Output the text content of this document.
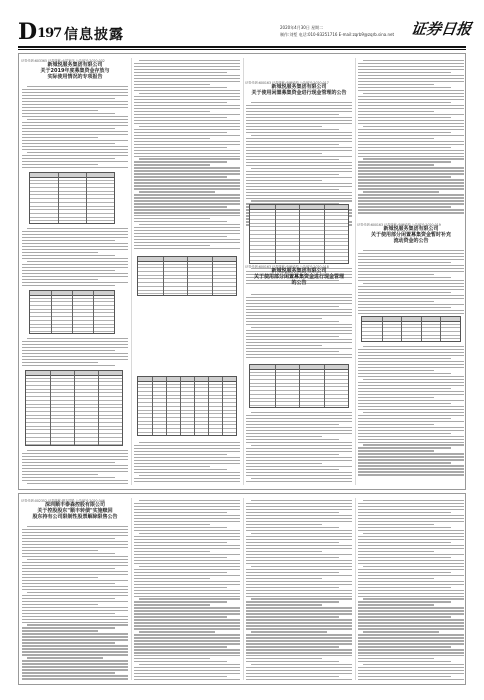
D197 信息披露	2020年4月30日 星期二
制作:刘堑 电话:010-83251716 E-mail:zqrb9@zqrb.sina.net 证券日报
证券代码:603365 证券简称:水星家纺 公告编号:2020-032
新城悦服务集团有限公司
关于2019年度募集资金存放与
实际使用情况的专项报告
证券代码:600163 证券简称:中闽能源 公告编号:2020-017
新城悦服务集团有限公司
关于使用闲置募集资金进行现金管理的公告
证券代码:600163 证券简称:中闽能源 公告编号:2020-018
新城悦服务集团有限公司
关于使用部分闲置募集资金进行现金管理
的公告
证券代码:600163 证券简称:中闽能源 公告编号:2020-019
新城悦服务集团有限公司
关于使用部分闲置募集资金暂时补充
流动资金的公告
证券代码:002352 证券简称:顺丰控股 公告编号:2020-046
深圳顺丰泰森控股有限公司
关于控股股东"顺丰转债"实施赎回
股东持有公司限制性股票解除限售公告
